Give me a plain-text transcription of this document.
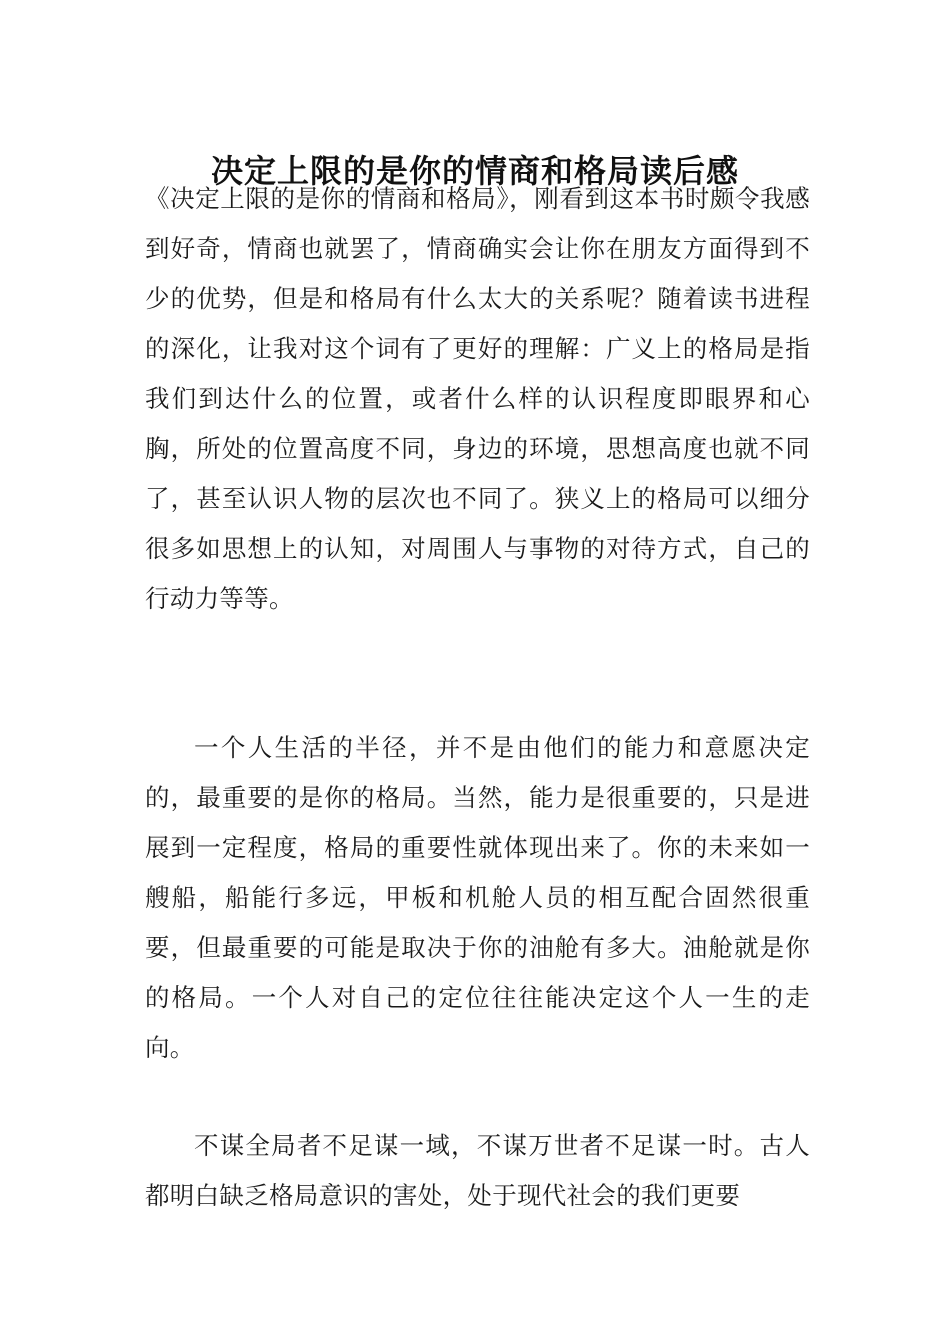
决定上限的是你的情商和格局读后感

《决定上限的是你的情商和格局》，刚看到这本书时颇令我感到好奇，情商也就罢了，情商确实会让你在朋友方面得到不少的优势，但是和格局有什么太大的关系呢？随着读书进程的深化，让我对这个词有了更好的理解：广义上的格局是指我们到达什么的位置，或者什么样的认识程度即眼界和心胸，所处的位置高度不同，身边的环境，思想高度也就不同了，甚至认识人物的层次也不同了。狭义上的格局可以细分很多如思想上的认知，对周围人与事物的对待方式，自己的行动力等等。

一个人生活的半径，并不是由他们的能力和意愿决定的，最重要的是你的格局。当然，能力是很重要的，只是进展到一定程度，格局的重要性就体现出来了。你的未来如一艘船，船能行多远，甲板和机舱人员的相互配合固然很重要，但最重要的可能是取决于你的油舱有多大。油舱就是你的格局。一个人对自己的定位往往能决定这个人一生的走向。

不谋全局者不足谋一域，不谋万世者不足谋一时。古人都明白缺乏格局意识的害处，处于现代社会的我们更要
